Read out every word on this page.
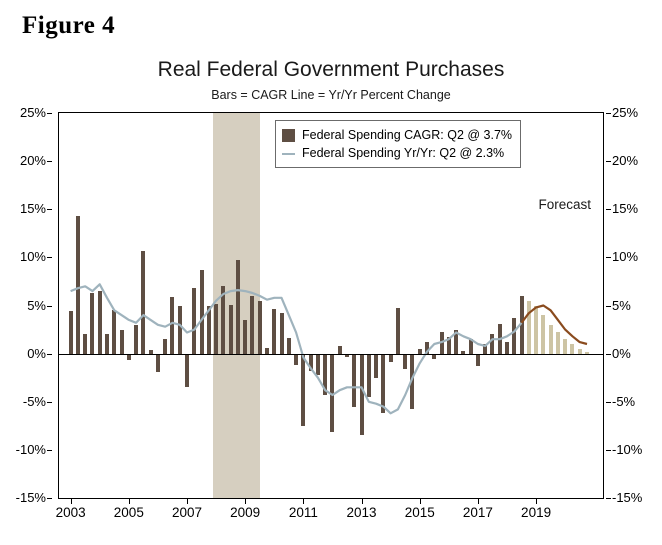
Figure 4
Real Federal Government Purchases
Bars = CAGR Line = Yr/Yr Percent Change
25%
20%
15%
10%
5%
0%
-5%
-10%
-15%
25%
20%
15%
10%
5%
0%
-5%
-10%
-15%
Federal Spending CAGR: Q2 @ 3.7%
Federal Spending Yr/Yr: Q2 @ 2.3%
Forecast
2003 2005 2007 2009 2011 2013 2015 2017 2019
